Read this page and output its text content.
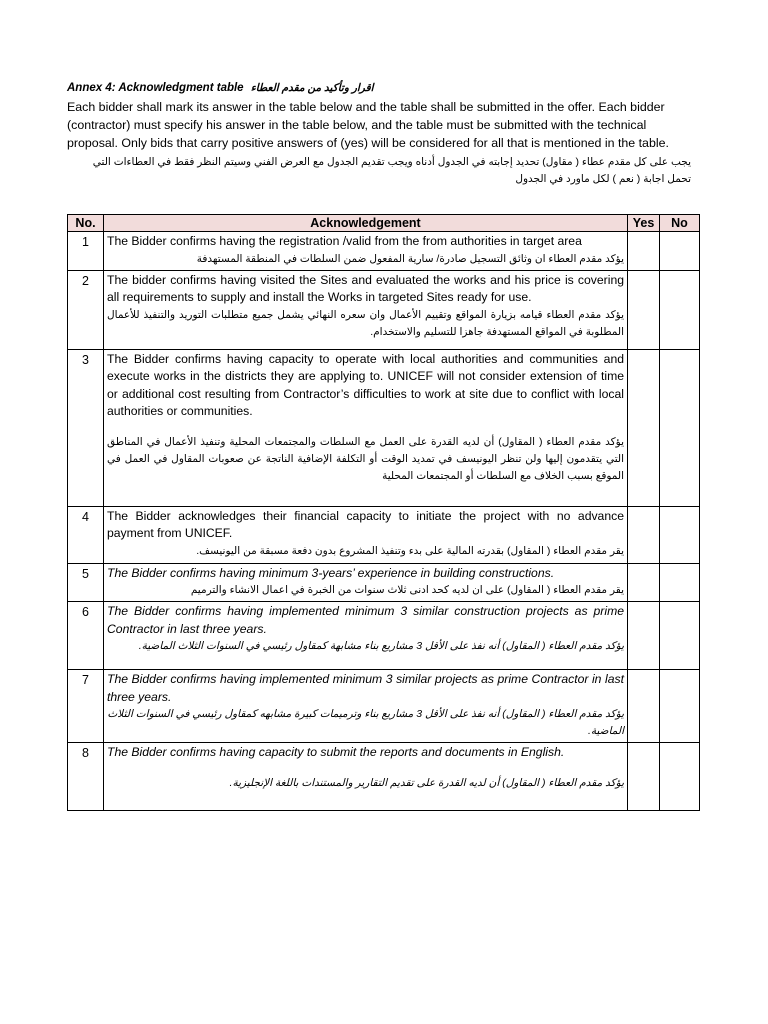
Annex 4: Acknowledgment table اقرار وتأكيد من مقدم العطاء

Each bidder shall mark its answer in the table below and the table shall be submitted in the offer. Each bidder (contractor) must specify his answer in the table below, and the table must be submitted with the technical proposal. Only bids that carry positive answers of (yes) will be considered for all that is mentioned in the table.

يجب على كل مقدم عطاء ( مقاول) تحديد إجابته في الجدول أدناه ويجب تقديم الجدول مع العرض الفني وسيتم النظر فقط في العطاءات التي تحمل اجابة ( نعم ) لكل ماورد في الجدول

No.	Acknowledgement	Yes	No
1	The Bidder confirms having the registration /valid from the from authorities in target area

يؤكد مقدم العطاء ان وثائق التسجيل صادرة/ سارية المفعول ضمن السلطات في المنطقة المستهدفة		

2	The bidder confirms having visited the Sites and evaluated the works and his price is covering all requirements to supply and install the Works in targeted Sites ready for use.

يؤكد مقدم العطاء قيامه بزيارة المواقع وتقييم الأعمال وان سعره النهائي يشمل جميع متطلبات التوريد والتنفيذ للأعمال المطلوبة في المواقع المستهدفة جاهزا للتسليم والاستخدام.		

3	The Bidder confirms having capacity to operate with local authorities and communities and execute works in the districts they are applying to. UNICEF will not consider extension of time or additional cost resulting from Contractor’s difficulties to work at site due to conflict with local authorities or communities.

يؤكد مقدم العطاء ( المقاول) أن لديه القدرة على العمل مع السلطات والمجتمعات المحلية وتنفيذ الأعمال في المناطق التي يتقدمون إليها ولن تنظر اليونيسف في تمديد الوقت أو التكلفة الإضافية الناتجة عن صعوبات المقاول في العمل في الموقع بسبب الخلاف مع السلطات أو المجتمعات المحلية		

4	The Bidder acknowledges their financial capacity to initiate the project with no advance payment from UNICEF.

يقر مقدم العطاء ( المقاول) بقدرته المالية على بدء وتنفيذ المشروع بدون دفعة مسبقة من اليونيسف.		

5	The Bidder confirms having minimum 3-years’ experience in building constructions.

يقر مقدم العطاء ( المقاول) على ان لديه كحد ادنى ثلاث سنوات من الخبرة في اعمال الانشاء والترميم		

6	The Bidder confirms having implemented minimum 3 similar construction projects as prime Contractor in last three years.

يؤكد مقدم العطاء ( المقاول) أنه نفذ على الأقل 3 مشاريع بناء مشابهة كمقاول رئيسي في السنوات الثلاث الماضية.		

7	The Bidder confirms having implemented minimum 3 similar projects as prime Contractor in last three years.

يؤكد مقدم العطاء ( المقاول) أنه نفذ على الأقل 3 مشاريع بناء وترميمات كبيرة مشابهه كمقاول رئيسي في السنوات الثلاث الماضية.		

8	The Bidder confirms having capacity to submit the reports and documents in English.

يؤكد مقدم العطاء ( المقاول) أن لديه القدرة على تقديم التقارير والمستندات باللغة الإنجليزية.		
